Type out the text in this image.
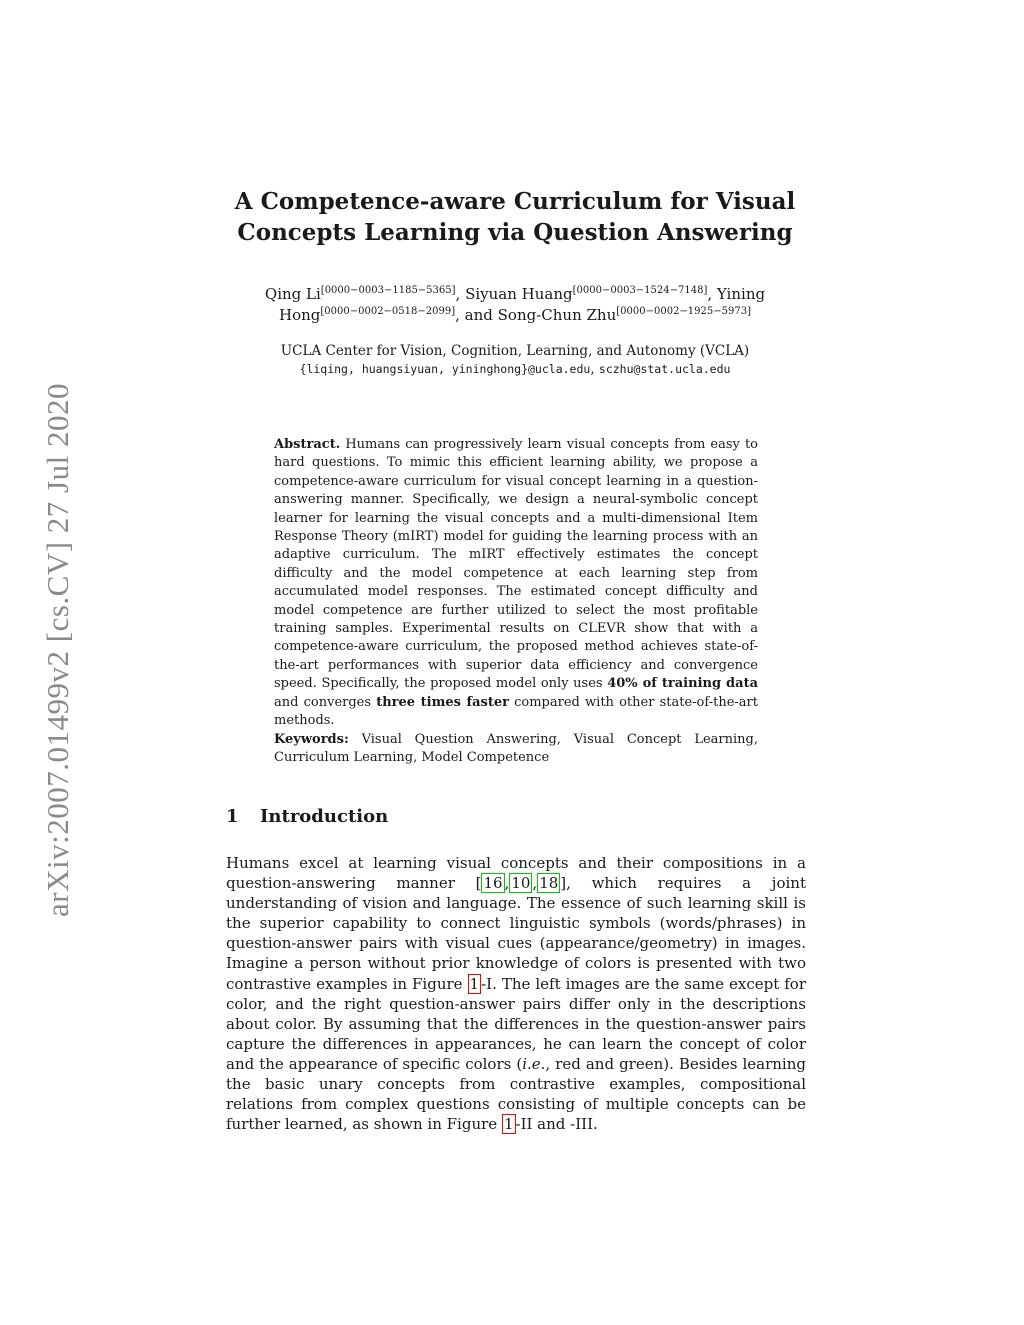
arXiv:2007.01499v2 [cs.CV] 27 Jul 2020
A Competence-aware Curriculum for Visual
Concepts Learning via Question Answering
Qing Li[0000−0003−1185−5365], Siyuan Huang[0000−0003−1524−7148], Yining Hong[0000−0002−0518−2099], and Song-Chun Zhu[0000−0002−1925−5973]
UCLA Center for Vision, Cognition, Learning, and Autonomy (VCLA)
{liqing, huangsiyuan, yininghong}@ucla.edu, sczhu@stat.ucla.edu
Abstract. Humans can progressively learn visual concepts from easy to hard questions. To mimic this efficient learning ability, we propose a competence-aware curriculum for visual concept learning in a question-answering manner. Specifically, we design a neural-symbolic concept learner for learning the visual concepts and a multi-dimensional Item Response Theory (mIRT) model for guiding the learning process with an adaptive curriculum. The mIRT effectively estimates the concept difficulty and the model competence at each learning step from accumulated model responses. The estimated concept difficulty and model competence are further utilized to select the most profitable training samples. Experimental results on CLEVR show that with a competence-aware curriculum, the proposed method achieves state-of-the-art performances with superior data efficiency and convergence speed. Specifically, the proposed model only uses 40% of training data and converges three times faster compared with other state-of-the-art methods.
Keywords: Visual Question Answering, Visual Concept Learning, Curriculum Learning, Model Competence
1 Introduction
Humans excel at learning visual concepts and their compositions in a question-answering manner [ 16 , 10 , 18 ], which requires a joint understanding of vision and language. The essence of such learning skill is the superior capability to connect linguistic symbols (words/phrases) in question-answer pairs with visual cues (appearance/geometry) in images. Imagine a person without prior knowledge of colors is presented with two contrastive examples in Figure 1 -I. The left images are the same except for color, and the right question-answer pairs differ only in the descriptions about color. By assuming that the differences in the question-answer pairs capture the differences in appearances, he can learn the concept of color and the appearance of specific colors (i.e., red and green). Besides learning the basic unary concepts from contrastive examples, compositional relations from complex questions consisting of multiple concepts can be further learned, as shown in Figure 1 -II and -III.
